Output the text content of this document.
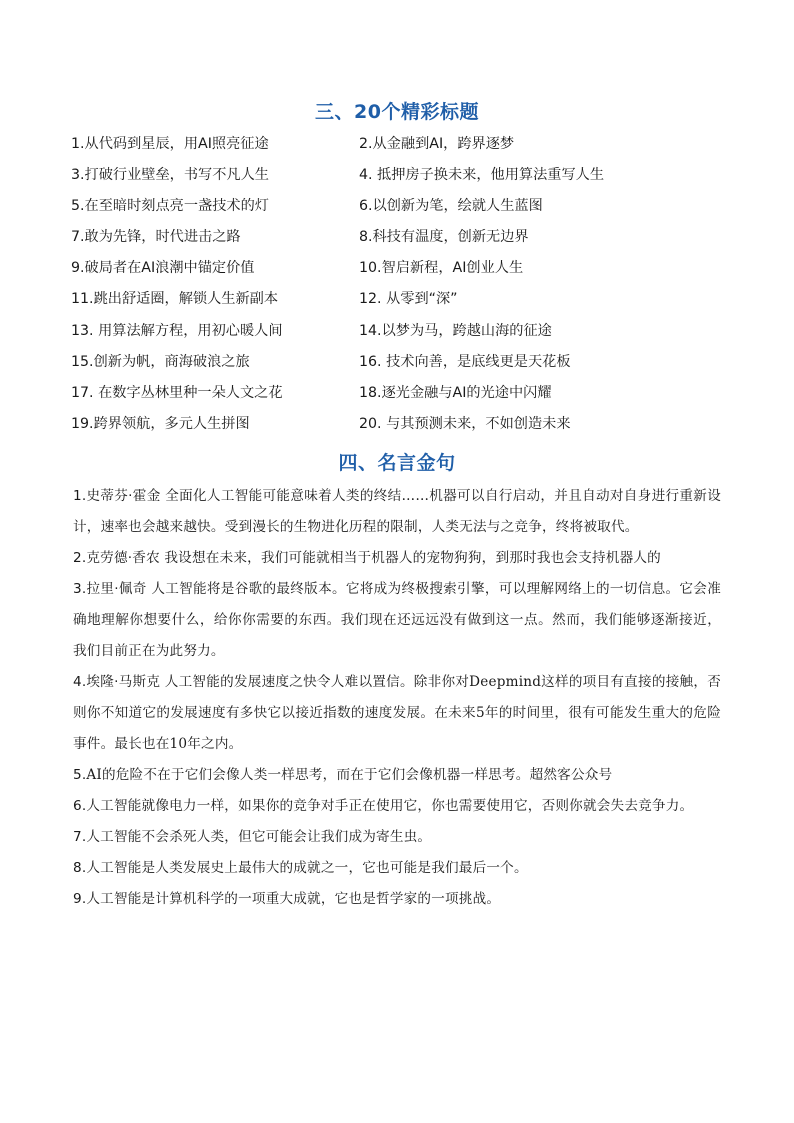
三、20个精彩标题
1.从代码到星辰，用AI照亮征途	2.从金融到AI，跨界逐梦
3.打破行业壁垒，书写不凡人生	4. 抵押房子换未来，他用算法重写人生
5.在至暗时刻点亮一盏技术的灯	6.以创新为笔，绘就人生蓝图
7.敢为先锋，时代进击之路	8.科技有温度，创新无边界
9.破局者在AI浪潮中锚定价值	10.智启新程，AI创业人生
11.跳出舒适圈，解锁人生新副本	12. 从零到“深”
13. 用算法解方程，用初心暖人间	14.以梦为马，跨越山海的征途
15.创新为帆，商海破浪之旅	16. 技术向善，是底线更是天花板
17. 在数字丛林里种一朵人文之花	18.逐光金融与AI的光途中闪耀
19.跨界领航，多元人生拼图	20. 与其预测未来，不如创造未来
四、名言金句
1.史蒂芬·霍金 全面化人工智能可能意味着人类的终结……机器可以自行启动，并且自动对自身进行重新设计，速率也会越来越快。受到漫长的生物进化历程的限制，人类无法与之竞争，终将被取代。
2.克劳德·香农 我设想在未来，我们可能就相当于机器人的宠物狗狗，到那时我也会支持机器人的
3.拉里·佩奇 人工智能将是谷歌的最终版本。它将成为终极搜索引擎，可以理解网络上的一切信息。它会准确地理解你想要什么，给你你需要的东西。我们现在还远远没有做到这一点。然而，我们能够逐渐接近，我们目前正在为此努力。
4.埃隆·马斯克 人工智能的发展速度之快令人难以置信。除非你对Deepmind这样的项目有直接的接触，否则你不知道它的发展速度有多快它以接近指数的速度发展。在未来5年的时间里，很有可能发生重大的危险事件。最长也在10年之内。
5.AI的危险不在于它们会像人类一样思考，而在于它们会像机器一样思考。超然客公众号
6.人工智能就像电力一样，如果你的竞争对手正在使用它，你也需要使用它，否则你就会失去竞争力。
7.人工智能不会杀死人类，但它可能会让我们成为寄生虫。
8.人工智能是人类发展史上最伟大的成就之一，它也可能是我们最后一个。
9.人工智能是计算机科学的一项重大成就，它也是哲学家的一项挑战。
